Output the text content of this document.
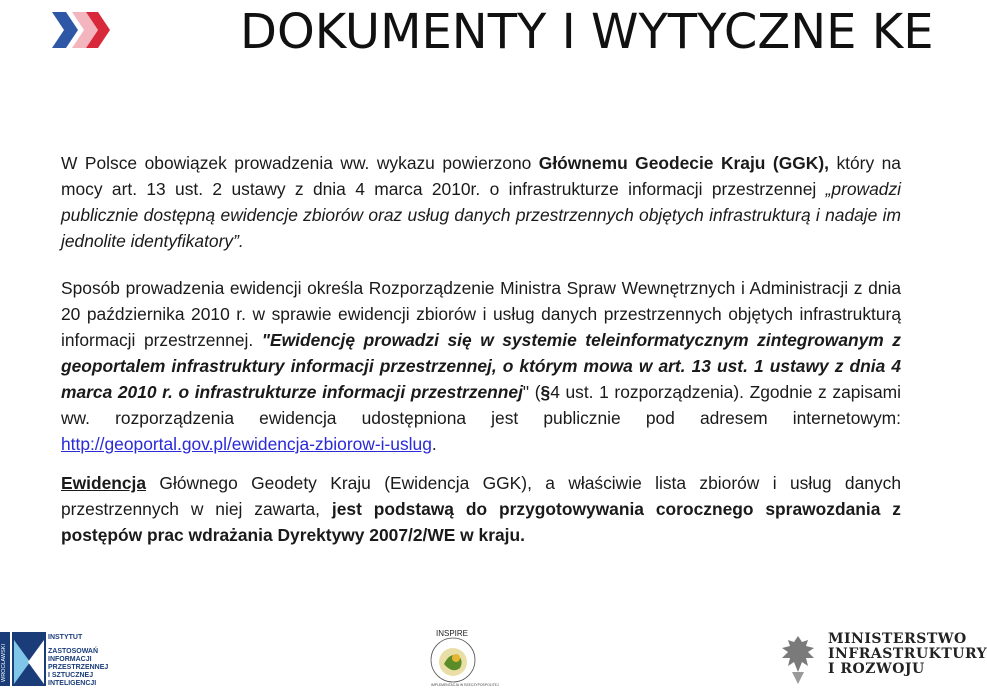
DOKUMENTY I WYTYCZNE KE

W Polsce obowiązek prowadzenia ww. wykazu powierzono Głównemu Geodecie Kraju (GGK), który na mocy art. 13 ust. 2 ustawy z dnia 4 marca 2010r. o infrastrukturze informacji przestrzennej „prowadzi publicznie dostępną ewidencje zbiorów oraz usług danych przestrzennych objętych infrastrukturą i nadaje im jednolite identyfikatory”.

Sposób prowadzenia ewidencji określa Rozporządzenie Ministra Spraw Wewnętrznych i Administracji z dnia 20 października 2010 r. w sprawie ewidencji zbiorów i usług danych przestrzennych objętych infrastrukturą informacji przestrzennej. "Ewidencję prowadzi się w systemie teleinformatycznym zintegrowanym z geoportalem infrastruktury informacji przestrzennej, o którym mowa w art. 13 ust. 1 ustawy z dnia 4 marca 2010 r. o infrastrukturze informacji przestrzennej" (§4 ust. 1 rozporządzenia). Zgodnie z zapisami ww. rozporządzenia ewidencja udostępniona jest publicznie pod adresem internetowym: http://geoportal.gov.pl/ewidencja-zbiorow-i-uslug.

Ewidencja Głównego Geodety Kraju (Ewidencja GGK), a właściwie lista zbiorów i usług danych przestrzennych w niej zawarta, jest podstawą do przygotowywania corocznego sprawozdania z postępów prac wdrażania Dyrektywy 2007/2/WE w kraju.

WROCŁAWSKI
INSTYTUT
ZASTOSOWAŃ
INFORMACJI
PRZESTRZENNEJ
I SZTUCZNEJ
INTELIGENCJI
INSPIRE
IMPLEMENTACJA W RZECZYPOSPOLITEJ
MINISTERSTWO
INFRASTRUKTURY
I ROZWOJU
